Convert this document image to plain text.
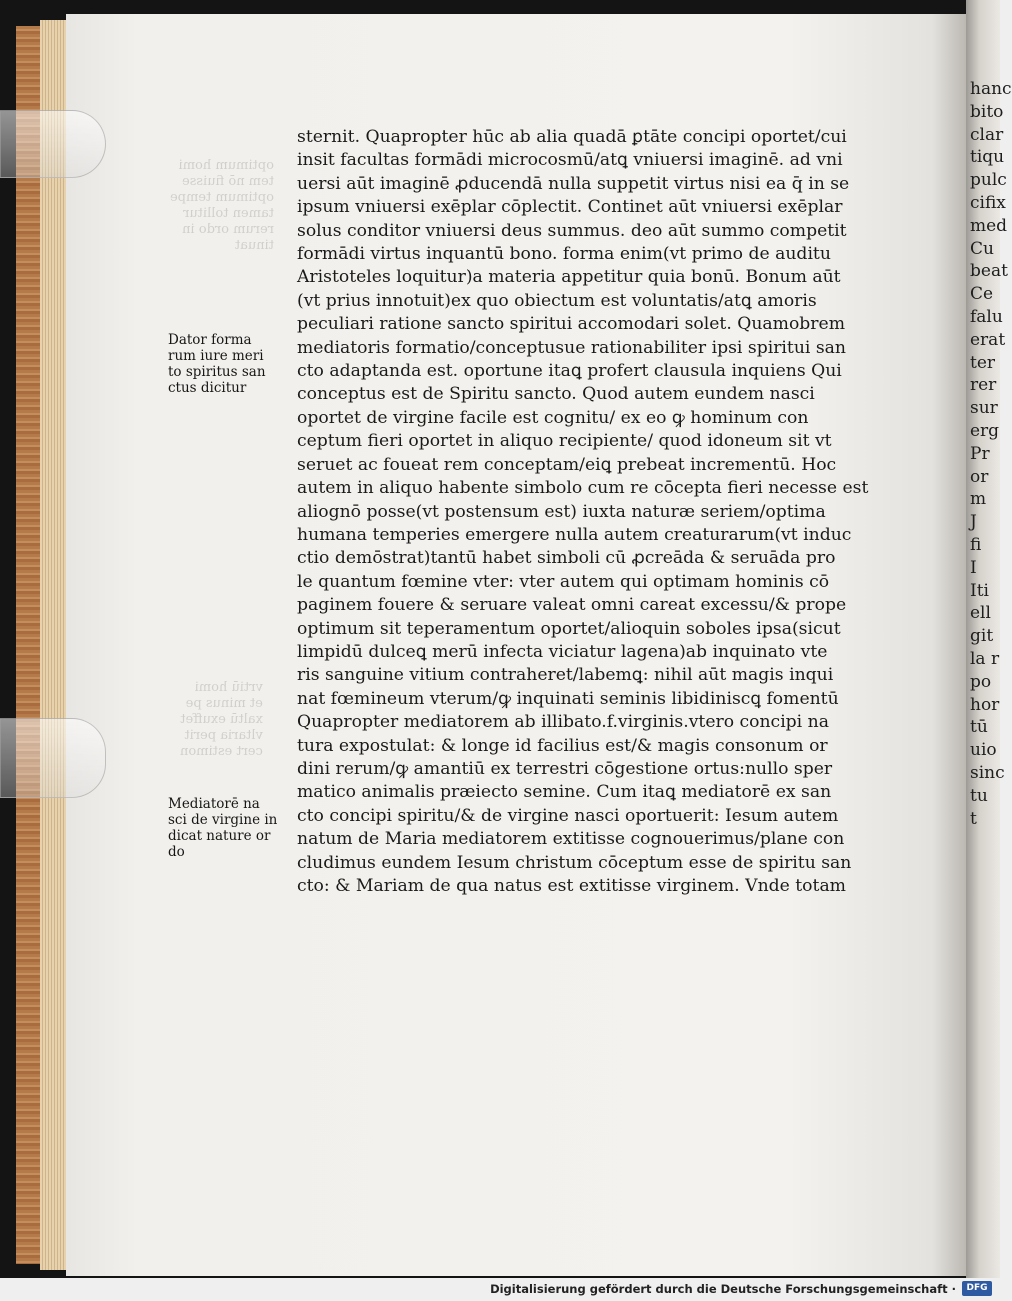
optimum homi
tem nō fiuisse
optimum tempe
tamen tollitur
rerum ordo in
tinuat
vrtiū homi
et minus pe
xaltū exuffet
vltaria perit
cert estimon
Dator forma
rum iure meri
to spiritus san
ctus dicitur
Mediatorē na
sci de virgine in
dicat nature or
do
sternit. Quapropter hūc ab alia quadā ꝑtāte concipi oportet/cui
insit facultas formādi microcosmū/atꝗ vniuersi imaginē. ad vni
uersi aūt imaginē ꝓducendā nulla suppetit virtus nisi ea q̄ in se
ipsum vniuersi exēplar cōplectit. Continet aūt vniuersi exēplar
solus conditor vniuersi deus summus. deo aūt summo competit
formādi virtus inquantū bono. forma enim(vt primo de auditu
Aristoteles loquitur)a materia appetitur quia bonū. Bonum aūt
(vt prius innotuit)ex quo obiectum est voluntatis/atꝗ amoris
peculiari ratione sancto spiritui accomodari solet. Quamobrem
mediatoris formatio/conceptusue rationabiliter ipsi spiritui san
cto adaptanda est. oportune itaꝗ profert clausula inquiens Qui
conceptus est de Spiritu sancto. Quod autem eundem nasci
oportet de virgine facile est cognitu/ ex eo ꝙ hominum con
ceptum fieri oportet in aliquo recipiente/ quod idoneum sit vt
seruet ac foueat rem conceptam/eiꝗ prebeat incrementū. Hoc
autem in aliquo habente simbolo cum re cōcepta fieri necesse est
aliognō posse(vt postensum est) iuxta naturæ seriem/optima
humana temperies emergere nulla autem creaturarum(vt induc
ctio demōstrat)tantū habet simboli cū ꝓcreāda & seruāda pro
le quantum fœmine vter: vter autem qui optimam hominis cō
paginem fouere & seruare valeat omni careat excessu/& prope
optimum sit teperamentum oportet/alioquin soboles ipsa(sicut
limpidū dulceꝗ merū infecta viciatur lagena)ab inquinato vte
ris sanguine vitium contraheret/labemꝗ: nihil aūt magis inqui
nat fœmineum vterum/ꝙ inquinati seminis libidiniscꝗ fomentū
Quapropter mediatorem ab illibato.f.virginis.vtero concipi na
tura expostulat: & longe id facilius est/& magis consonum or
dini rerum/ꝙ amantiū ex terrestri cōgestione ortus:nullo sper
matico animalis præiecto semine. Cum itaꝗ mediatorē ex san
cto concipi spiritu/& de virgine nasci oportuerit: Iesum autem
natum de Maria mediatorem extitisse cognouerimus/plane con
cludimus eundem Iesum christum cōceptum esse de spiritu san
cto: & Mariam de qua natus est extitisse virginem. Vnde totam
hanc
bito
clar
tiqu
pulc
cifix
med
Cu
beat
Ce
falu
erat
ter
rer
sur
erg
Pr
or
m
J
fi
I
Iti
ell
git
la r
po
hor
tū
uio
sinc
tu
t
Digitalisierung gefördert durch die Deutsche Forschungsgemeinschaft ·	DFG
